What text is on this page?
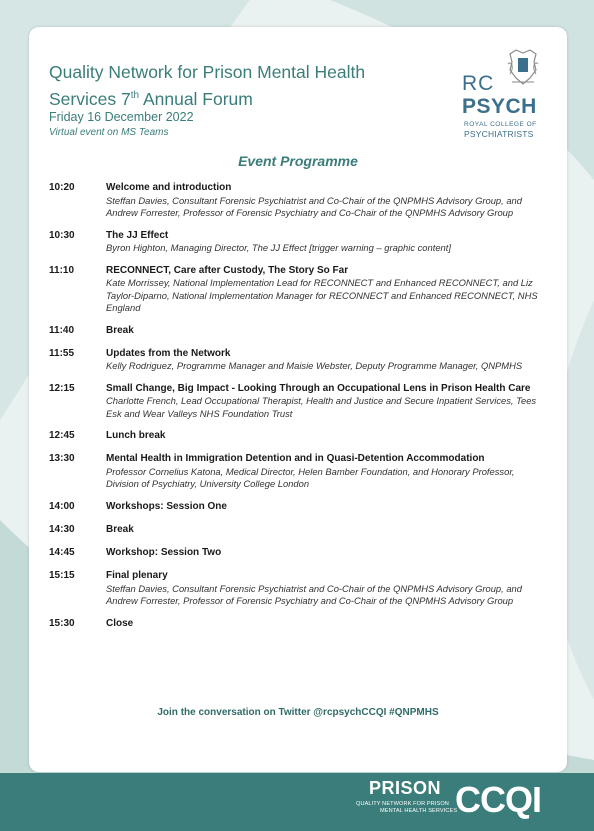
Quality Network for Prison Mental Health Services 7th Annual Forum
Friday 16 December 2022
Virtual event on MS Teams
RC
PSYCH
ROYAL COLLEGE OF
PSYCHIATRISTS
Event Programme
10:20	Welcome and introduction
Steffan Davies, Consultant Forensic Psychiatrist and Co-Chair of the QNPMHS Advisory Group, and Andrew Forrester, Professor of Forensic Psychiatry and Co-Chair of the QNPMHS Advisory Group
10:30	The JJ Effect
Byron Highton, Managing Director, The JJ Effect [trigger warning – graphic content]
11:10	RECONNECT, Care after Custody, The Story So Far
Kate Morrissey, National Implementation Lead for RECONNECT and Enhanced RECONNECT, and Liz Taylor-Diparno, National Implementation Manager for RECONNECT and Enhanced RECONNECT, NHS England
11:40	Break
11:55	Updates from the Network
Kelly Rodriguez, Programme Manager and Maisie Webster, Deputy Programme Manager, QNPMHS
12:15	Small Change, Big Impact - Looking Through an Occupational Lens in Prison Health Care
Charlotte French, Lead Occupational Therapist, Health and Justice and Secure Inpatient Services, Tees Esk and Wear Valleys NHS Foundation Trust
12:45	Lunch break
13:30	Mental Health in Immigration Detention and in Quasi-Detention Accommodation
Professor Cornelius Katona, Medical Director, Helen Bamber Foundation, and Honorary Professor, Division of Psychiatry, University College London
14:00	Workshops: Session One
14:30	Break
14:45	Workshop: Session Two
15:15	Final plenary
Steffan Davies, Consultant Forensic Psychiatrist and Co-Chair of the QNPMHS Advisory Group, and Andrew Forrester, Professor of Forensic Psychiatry and Co-Chair of the QNPMHS Advisory Group
15:30	Close
Join the conversation on Twitter @rcpsychCCQI #QNPMHS
PRISON
QUALITY NETWORK FOR PRISON
MENTAL HEALTH SERVICES
CCQI
